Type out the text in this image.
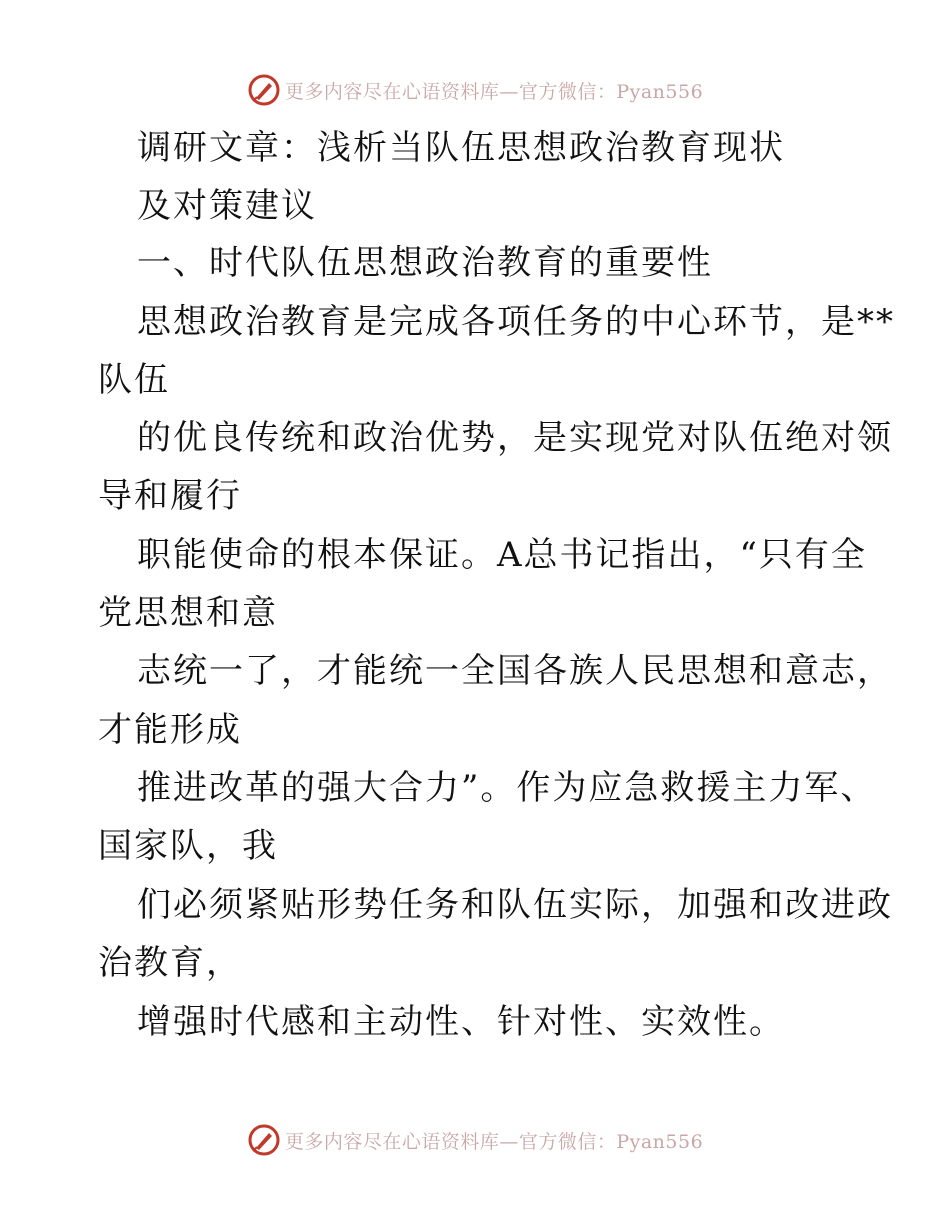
更多内容尽在心语资料库—官方微信：Pyan556
调研文章：浅析当队伍思想政治教育现状
及对策建议
一、时代队伍思想政治教育的重要性
思想政治教育是完成各项任务的中心环节，是**
队伍
的优良传统和政治优势，是实现党对队伍绝对领
导和履行
职能使命的根本保证。A总书记指出，“只有全
党思想和意
志统一了，才能统一全国各族人民思想和意志，
才能形成
推进改革的强大合力”。作为应急救援主力军、
国家队，我
们必须紧贴形势任务和队伍实际，加强和改进政
治教育，
增强时代感和主动性、针对性、实效性。
更多内容尽在心语资料库—官方微信：Pyan556
